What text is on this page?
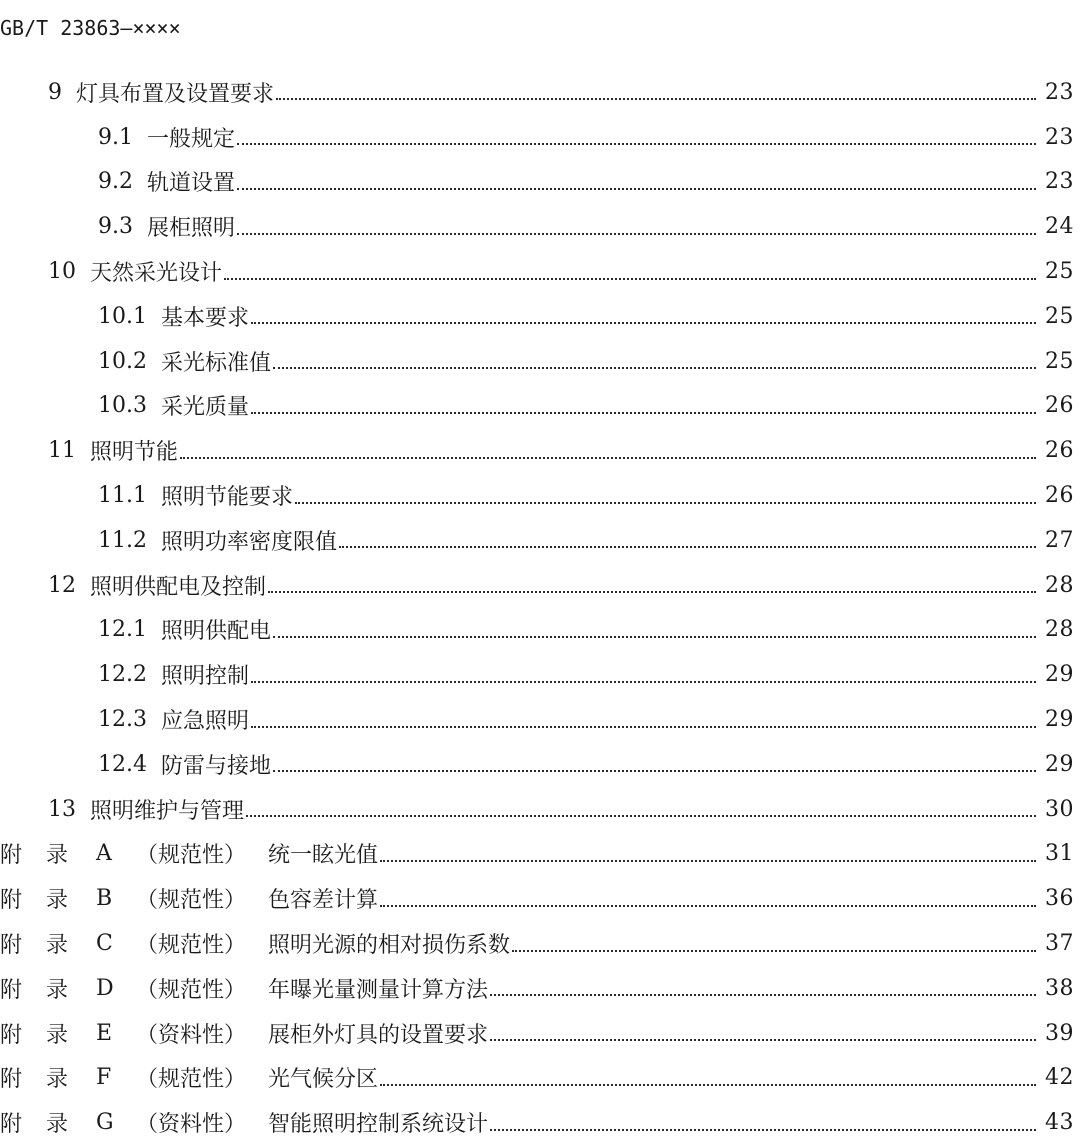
GB/T 23863—××××
9 灯具布置及设置要求	23
9.1 一般规定	23
9.2 轨道设置	23
9.3 展柜照明	24
10 天然采光设计	25
10.1 基本要求	25
10.2 采光标准值	25
10.3 采光质量	26
11 照明节能	26
11.1 照明节能要求	26
11.2 照明功率密度限值	27
12 照明供配电及控制	28
12.1 照明供配电	28
12.2 照明控制	29
12.3 应急照明	29
12.4 防雷与接地	29
13 照明维护与管理	30
附	录	A	（规范性） 统一眩光值	31
附	录	B	（规范性） 色容差计算	36
附	录	C	（规范性） 照明光源的相对损伤系数	37
附	录	D	（规范性） 年曝光量测量计算方法	38
附	录	E	（资料性） 展柜外灯具的设置要求	39
附	录	F	（规范性） 光气候分区	42
附	录	G	（资料性） 智能照明控制系统设计	43
